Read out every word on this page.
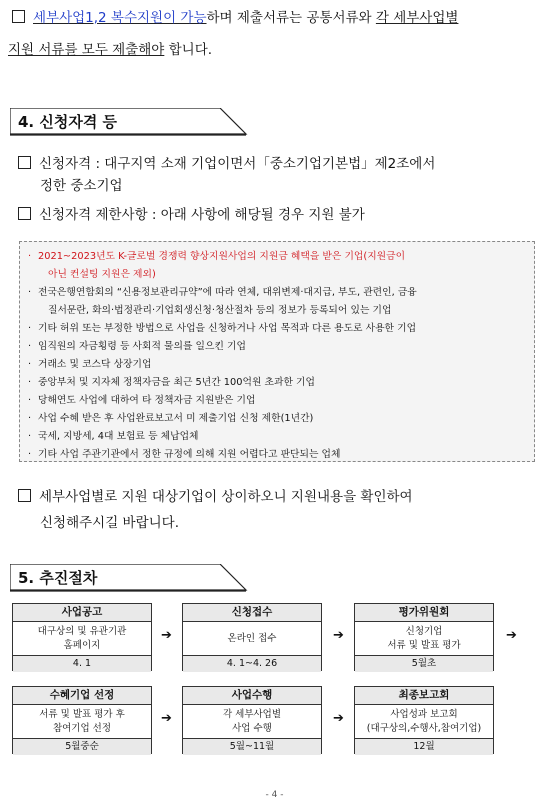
세부사업1,2 복수지원이 가능하며 제출서류는 공통서류와 각 세부사업별
지원 서류를 모두 제출해야 합니다.
4. 신청자격 등
신청자격 : 대구지역 소재 기업이면서「중소기업기본법」제2조에서
정한 중소기업
신청자격 제한사항 : 아래 사항에 해당될 경우 지원 불가
· 2021~2023년도 K-글로벌 경쟁력 향상지원사업의 지원금 혜택을 받은 기업(지원금이
아닌 컨설팅 지원은 제외)
· 전국은행연합회의 “신용정보관리규약”에 따라 연체, 대위변제·대지급, 부도, 관련인, 금융
질서문란, 화의·법정관리·기업회생신청·청산절차 등의 정보가 등록되어 있는 기업
· 기타 허위 또는 부정한 방법으로 사업을 신청하거나 사업 목적과 다른 용도로 사용한 기업
· 임직원의 자금횡령 등 사회적 물의를 일으킨 기업
· 거래소 및 코스닥 상장기업
· 중앙부처 및 지자체 정책자금을 최근 5년간 100억원 초과한 기업
· 당해연도 사업에 대하여 타 정책자금 지원받은 기업
· 사업 수혜 받은 후 사업완료보고서 미 제출기업 신청 제한(1년간)
· 국세, 지방세, 4대 보험료 등 체납업체
· 기타 사업 주관기관에서 정한 규정에 의해 지원 어렵다고 판단되는 업체
세부사업별로 지원 대상기업이 상이하오니 지원내용을 확인하여
신청해주시길 바랍니다.
5. 추진절차
사업공고
대구상의 및 유관기관
홈페이지
4. 1
신청접수
온라인 접수
4. 1~4. 26
평가위원회
신청기업
서류 및 발표 평가
5월초
수혜기업 선정
서류 및 발표 평가 후
참여기업 선정
5월중순
사업수행
각 세부사업별
사업 수행
5월~11월
최종보고회
사업성과 보고회
(대구상의,수행사,참여기업)
12월
➔	➔	➔
➔	➔
- 4 -
